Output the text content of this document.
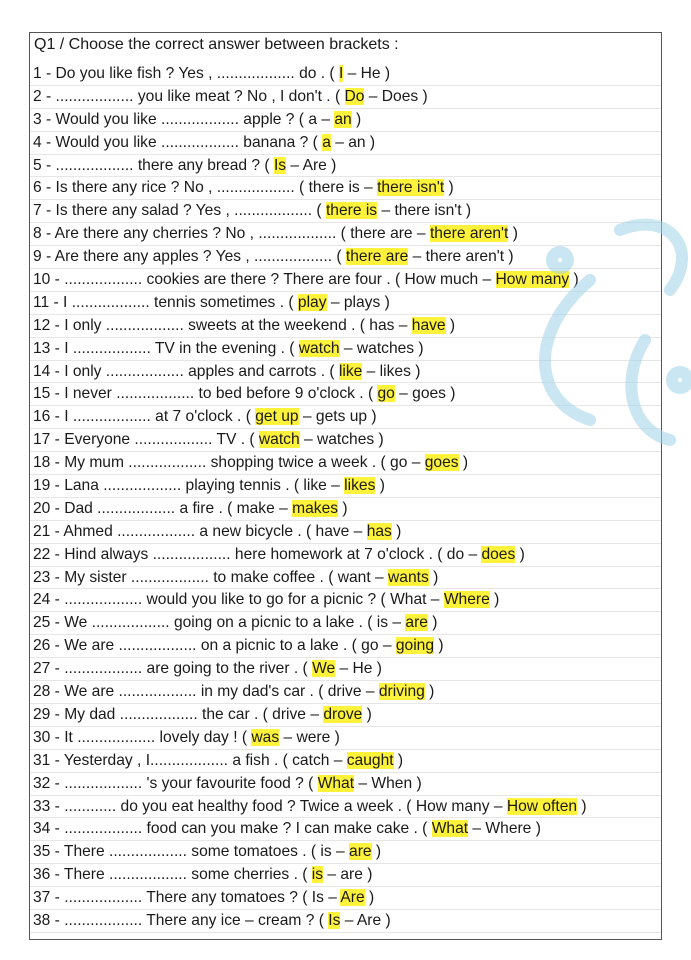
Q1 / Choose the correct answer between brackets :
1 - Do you like fish ? Yes , .................. do . ( I – He )
2 - .................. you like meat ? No , I don't . ( Do – Does )
3 - Would you like .................. apple ? ( a – an )
4 - Would you like .................. banana ? ( a – an )
5 - .................. there any bread ? ( Is – Are )
6 - Is there any rice ? No , .................. ( there is – there isn't )
7 - Is there any salad ? Yes , .................. ( there is – there isn't )
8 - Are there any cherries ? No , .................. ( there are – there aren't )
9 - Are there any apples ? Yes , .................. ( there are – there aren't )
10 - .................. cookies are there ? There are four . ( How much – How many )
11 - I .................. tennis sometimes . ( play – plays )
12 - I only .................. sweets at the weekend . ( has – have )
13 - I .................. TV in the evening . ( watch – watches )
14 - I only .................. apples and carrots . ( like – likes )
15 - I never .................. to bed before 9 o'clock . ( go – goes )
16 - I .................. at 7 o'clock . ( get up – gets up )
17 - Everyone .................. TV . ( watch – watches )
18 - My mum .................. shopping twice a week . ( go – goes )
19 - Lana .................. playing tennis . ( like – likes )
20 - Dad .................. a fire . ( make – makes )
21 - Ahmed .................. a new bicycle . ( have – has )
22 - Hind always .................. here homework at 7 o'clock . ( do – does )
23 - My sister .................. to make coffee . ( want – wants )
24 - .................. would you like to go for a picnic ? ( What – Where )
25 - We .................. going on a picnic to a lake . ( is – are )
26 - We are .................. on a picnic to a lake . ( go – going )
27 - .................. are going to the river . ( We – He )
28 - We are .................. in my dad's car . ( drive – driving )
29 - My dad .................. the car . ( drive – drove )
30 - It .................. lovely day ! ( was – were )
31 - Yesterday , I.................. a fish . ( catch – caught )
32 - .................. 's your favourite food ? ( What – When )
33 - ............ do you eat healthy food ? Twice a week . ( How many – How often )
34 - .................. food can you make ? I can make cake . ( What – Where )
35 - There .................. some tomatoes . ( is – are )
36 - There .................. some cherries . ( is – are )
37 - .................. There any tomatoes ? ( Is – Are )
38 - .................. There any ice – cream ? ( Is – Are )
